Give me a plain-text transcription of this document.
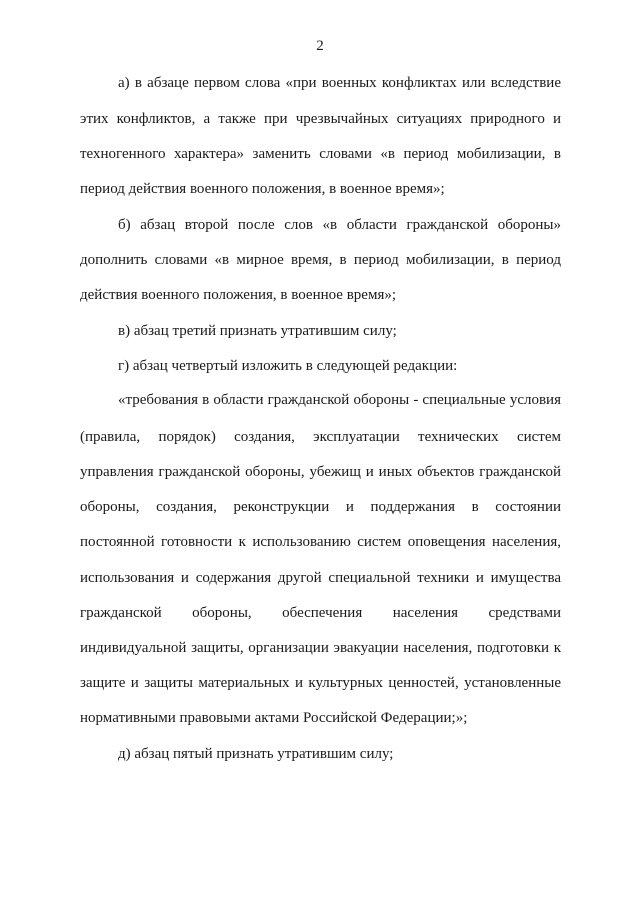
2
а) в абзаце первом слова «при военных конфликтах или вследствие
этих конфликтов, а также при чрезвычайных ситуациях природного и
техногенного характера» заменить словами «в период мобилизации, в
период действия военного положения, в военное время»;
б) абзац второй после слов «в области гражданской обороны»
дополнить словами «в мирное время, в период мобилизации, в период
действия военного положения, в военное время»;
в) абзац третий признать утратившим силу;
г) абзац четвертый изложить в следующей редакции:
«требования в области гражданской обороны - специальные условия
(правила, порядок) создания, эксплуатации технических систем
управления гражданской обороны, убежищ и иных объектов гражданской
обороны, создания, реконструкции и поддержания в состоянии
постоянной готовности к использованию систем оповещения населения,
использования и содержания другой специальной техники и имущества
гражданской обороны, обеспечения населения средствами
индивидуальной защиты, организации эвакуации населения, подготовки к
защите и защиты материальных и культурных ценностей, установленные
нормативными правовыми актами Российской Федерации;»;
д) абзац пятый признать утратившим силу;
